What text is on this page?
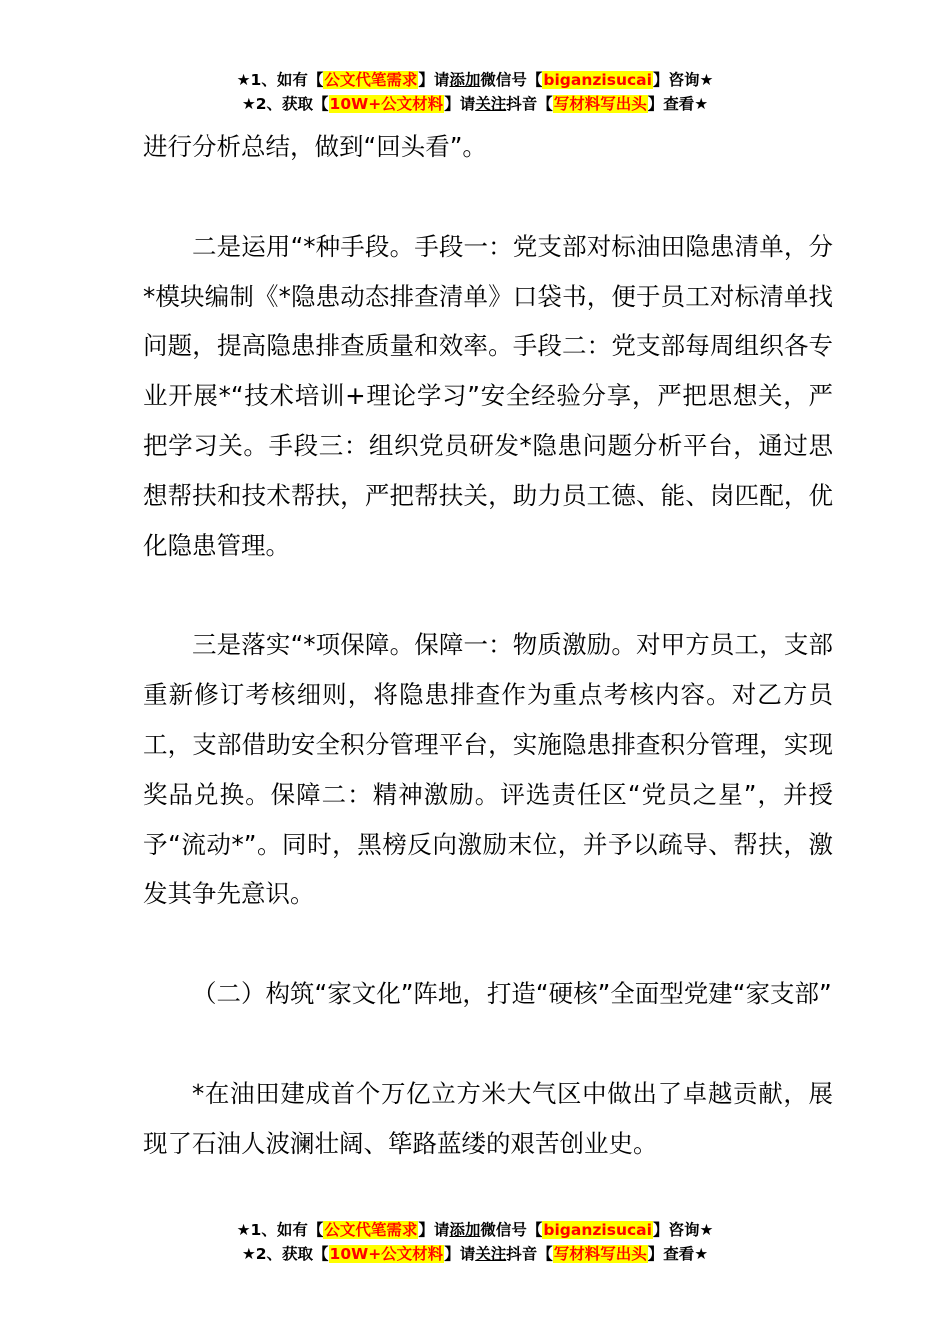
★1、如有【公文代笔需求】请添加微信号【biganzisucai】咨询★
★2、获取【10W+公文材料】请关注抖音【写材料写出头】查看★

进行分析总结，做到“回头看”。

二是运用“*种手段。手段一：党支部对标油田隐患清单，分*模块编制《*隐患动态排查清单》口袋书，便于员工对标清单找问题，提高隐患排查质量和效率。手段二：党支部每周组织各专业开展*“技术培训+理论学习”安全经验分享，严把思想关，严把学习关。手段三：组织党员研发*隐患问题分析平台，通过思想帮扶和技术帮扶，严把帮扶关，助力员工德、能、岗匹配，优化隐患管理。

三是落实“*项保障。保障一：物质激励。对甲方员工，支部重新修订考核细则，将隐患排查作为重点考核内容。对乙方员工，支部借助安全积分管理平台，实施隐患排查积分管理，实现奖品兑换。保障二：精神激励。评选责任区“党员之星”，并授予“流动*”。同时，黑榜反向激励末位，并予以疏导、帮扶，激发其争先意识。

（二）构筑“家文化”阵地，打造“硬核”全面型党建“家支部”

*在油田建成首个万亿立方米大气区中做出了卓越贡献，展现了石油人波澜壮阔、筚路蓝缕的艰苦创业史。

★1、如有【公文代笔需求】请添加微信号【biganzisucai】咨询★
★2、获取【10W+公文材料】请关注抖音【写材料写出头】查看★
